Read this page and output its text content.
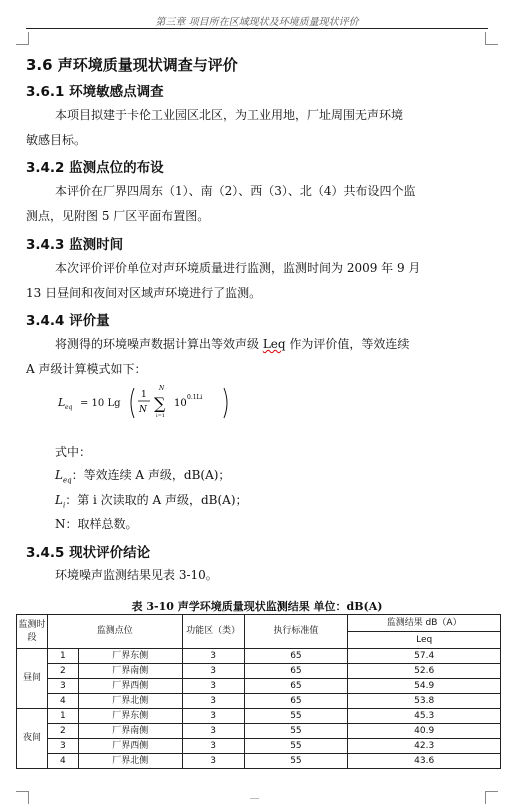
第三章 项目所在区域现状及环境质量现状评价
3.6 声环境质量现状调查与评价
3.6.1 环境敏感点调查
本项目拟建于卡伦工业园区北区，为工业用地，厂址周围无声环境
敏感目标。
3.4.2 监测点位的布设
本评价在厂界四周东（1）、南（2）、西（3）、北（4）共布设四个监
测点，见附图 5 厂区平面布置图。
3.4.3 监测时间
本次评价评价单位对声环境质量进行监测，监测时间为 2009 年 9 月
13 日昼间和夜间对区域声环境进行了监测。
3.4.4 评价量
将测得的环境噪声数据计算出等效声级 Leq 作为评价值，等效连续
A 声级计算模式如下：
L eq = 10 Lg
1
N
N
∑
i=1
10
0.1Li
式中：
$L_{eq}$：等效连续 A 声级，dB(A)；
$L_i$：第 i 次读取的 A 声级，dB(A)；
N：取样总数。
3.4.5 现状评价结论
环境噪声监测结果见表 3-10。
表 3-10 声学环境质量现状监测结果 单位：dB(A)
监测时段	监测点位		功能区（类）	执行标准值	监测结果 dB（A）
					Leq
昼间	1	厂界东侧	3	65	57.4
	2	厂界南侧	3	65	52.6
	3	厂界西侧	3	65	54.9
	4	厂界北侧	3	65	53.8
夜间	1	厂界东侧	3	55	45.3
	2	厂界南侧	3	55	40.9
	3	厂界西侧	3	55	42.3
	4	厂界北侧	3	55	43.6
‾‾
